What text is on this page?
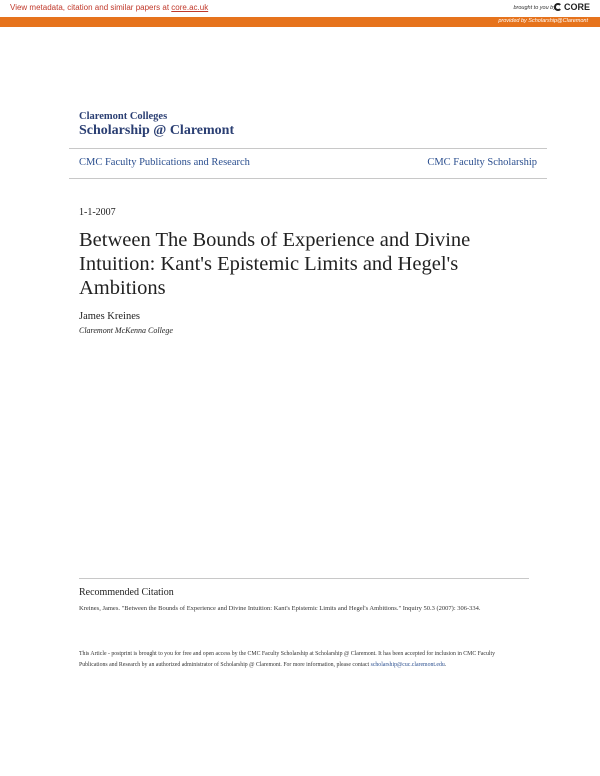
View metadata, citation and similar papers at core.ac.uk	brought to you by CORE
provided by Scholarship@Claremont
Claremont Colleges
Scholarship @ Claremont
CMC Faculty Publications and Research	CMC Faculty Scholarship
1-1-2007
Between The Bounds of Experience and Divine Intuition: Kant's Epistemic Limits and Hegel's Ambitions
James Kreines
Claremont McKenna College
Recommended Citation
Kreines, James. "Between the Bounds of Experience and Divine Intuition: Kant's Epistemic Limits and Hegel's Ambitions." Inquiry 50.3 (2007): 306-334.
This Article - postprint is brought to you for free and open access by the CMC Faculty Scholarship at Scholarship @ Claremont. It has been accepted for inclusion in CMC Faculty Publications and Research by an authorized administrator of Scholarship @ Claremont. For more information, please contact scholarship@cuc.claremont.edu.
